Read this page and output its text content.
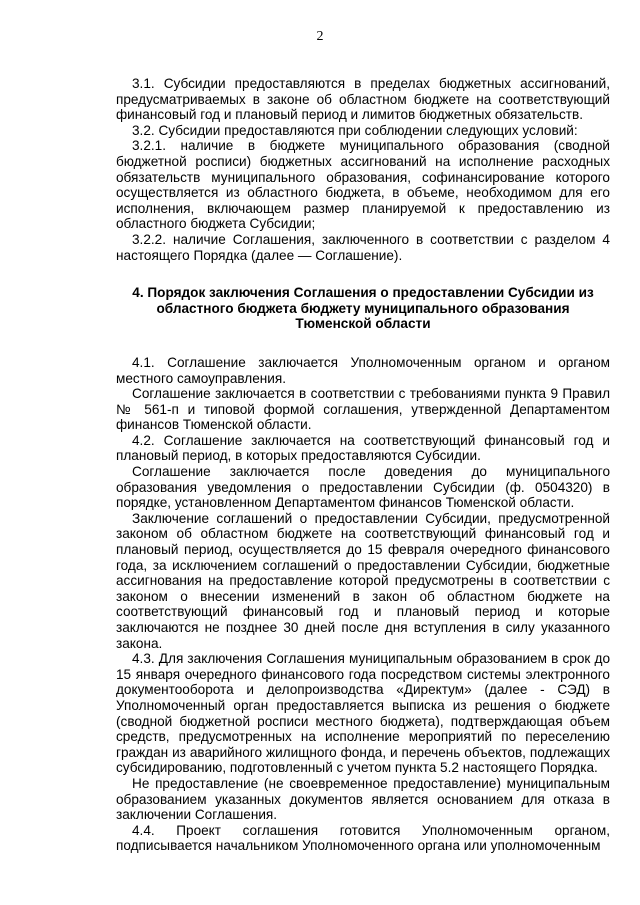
2

3.1. Субсидии предоставляются в пределах бюджетных ассигнований, предусматриваемых в законе об областном бюджете на соответствующий финансовый год и плановый период и лимитов бюджетных обязательств.

3.2. Субсидии предоставляются при соблюдении следующих условий:

3.2.1. наличие в бюджете муниципального образования (сводной бюджетной росписи) бюджетных ассигнований на исполнение расходных обязательств муниципального образования, софинансирование которого осуществляется из областного бюджета, в объеме, необходимом для его исполнения, включающем размер планируемой к предоставлению из областного бюджета Субсидии;

3.2.2. наличие Соглашения, заключенного в соответствии с разделом 4 настоящего Порядка (далее — Соглашение).

4. Порядок заключения Соглашения о предоставлении Субсидии из областного бюджета бюджету муниципального образования Тюменской области

4.1. Соглашение заключается Уполномоченным органом и органом местного самоуправления.

Соглашение заключается в соответствии с требованиями пункта 9 Правил № 561-п и типовой формой соглашения, утвержденной Департаментом финансов Тюменской области.

4.2. Соглашение заключается на соответствующий финансовый год и плановый период, в которых предоставляются Субсидии.

Соглашение заключается после доведения до муниципального образования уведомления о предоставлении Субсидии (ф. 0504320) в порядке, установленном Департаментом финансов Тюменской области.

Заключение соглашений о предоставлении Субсидии, предусмотренной законом об областном бюджете на соответствующий финансовый год и плановый период, осуществляется до 15 февраля очередного финансового года, за исключением соглашений о предоставлении Субсидии, бюджетные ассигнования на предоставление которой предусмотрены в соответствии с законом о внесении изменений в закон об областном бюджете на соответствующий финансовый год и плановый период и которые заключаются не позднее 30 дней после дня вступления в силу указанного закона.

4.3. Для заключения Соглашения муниципальным образованием в срок до 15 января очередного финансового года посредством системы электронного документооборота и делопроизводства «Директум» (далее - СЭД) в Уполномоченный орган предоставляется выписка из решения о бюджете (сводной бюджетной росписи местного бюджета), подтверждающая объем средств, предусмотренных на исполнение мероприятий по переселению граждан из аварийного жилищного фонда, и перечень объектов, подлежащих субсидированию, подготовленный с учетом пункта 5.2 настоящего Порядка.

Не предоставление (не своевременное предоставление) муниципальным образованием указанных документов является основанием для отказа в заключении Соглашения.

4.4. Проект соглашения готовится Уполномоченным органом, подписывается начальником Уполномоченного органа или уполномоченным
